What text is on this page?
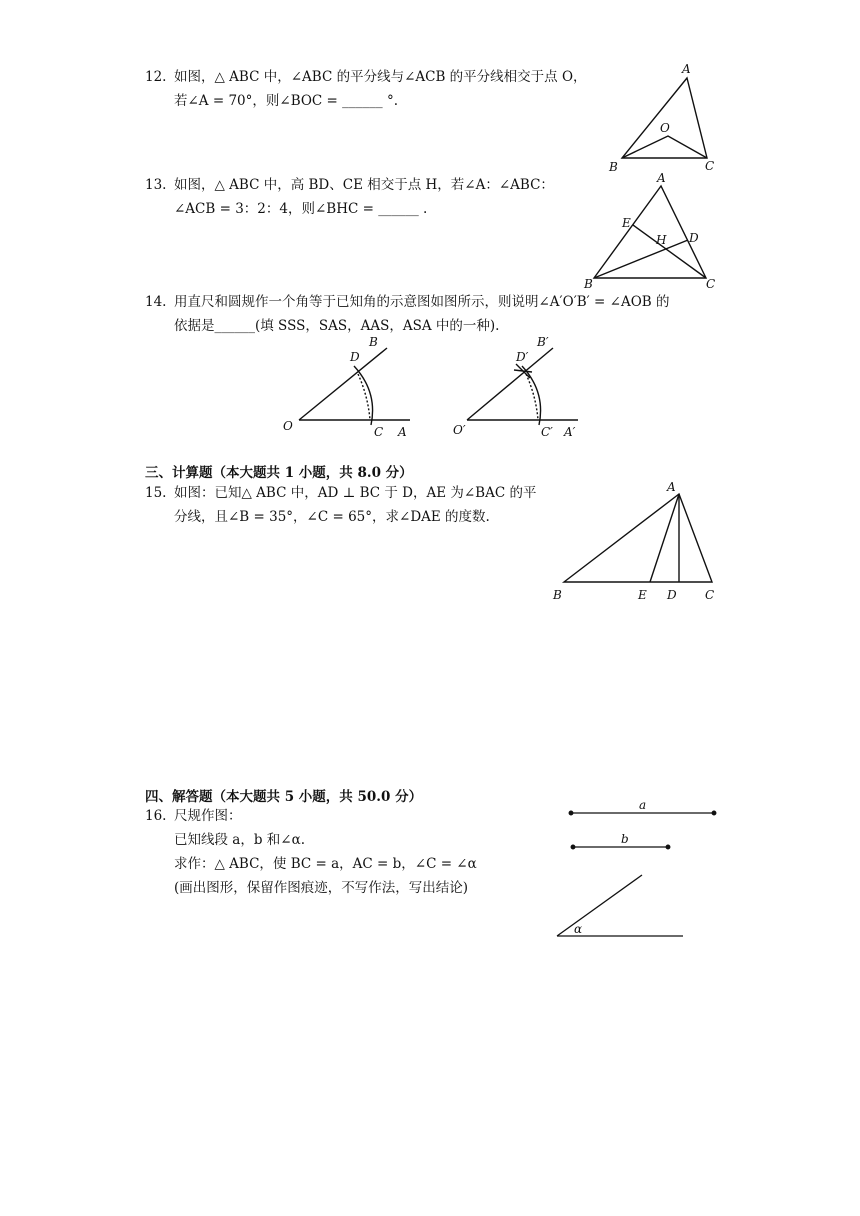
12. 如图，△ ABC 中，∠ABC 的平分线与∠ACB 的平分线相交于点 O，
若∠A = 70°，则∠BOC = ______ °.
13. 如图，△ ABC 中，高 BD、CE 相交于点 H，若∠A：∠ABC：
∠ACB = 3：2：4，则∠BHC = ______ .
14. 用直尺和圆规作一个角等于已知角的示意图如图所示，则说明∠A′O′B′ = ∠AOB 的
依据是______(填 SSS，SAS，AAS，ASA 中的一种).
三、计算题（本大题共 1 小题，共 8.0 分）
15. 如图：已知△ ABC 中，AD ⊥ BC 于 D，AE 为∠BAC 的平
分线，且∠B = 35°，∠C = 65°，求∠DAE 的度数.
四、解答题（本大题共 5 小题，共 50.0 分）
16. 尺规作图：
已知线段 a，b 和∠α.
求作：△ ABC，使 BC = a，AC = b，∠C = ∠α
(画出图形，保留作图痕迹，不写作法，写出结论)
A
B	C
O
A
B	C
D
E
H
O	A
B
C
D
O′	A′
B′
C′
D′
A
B	C
D
E
a
b
α
